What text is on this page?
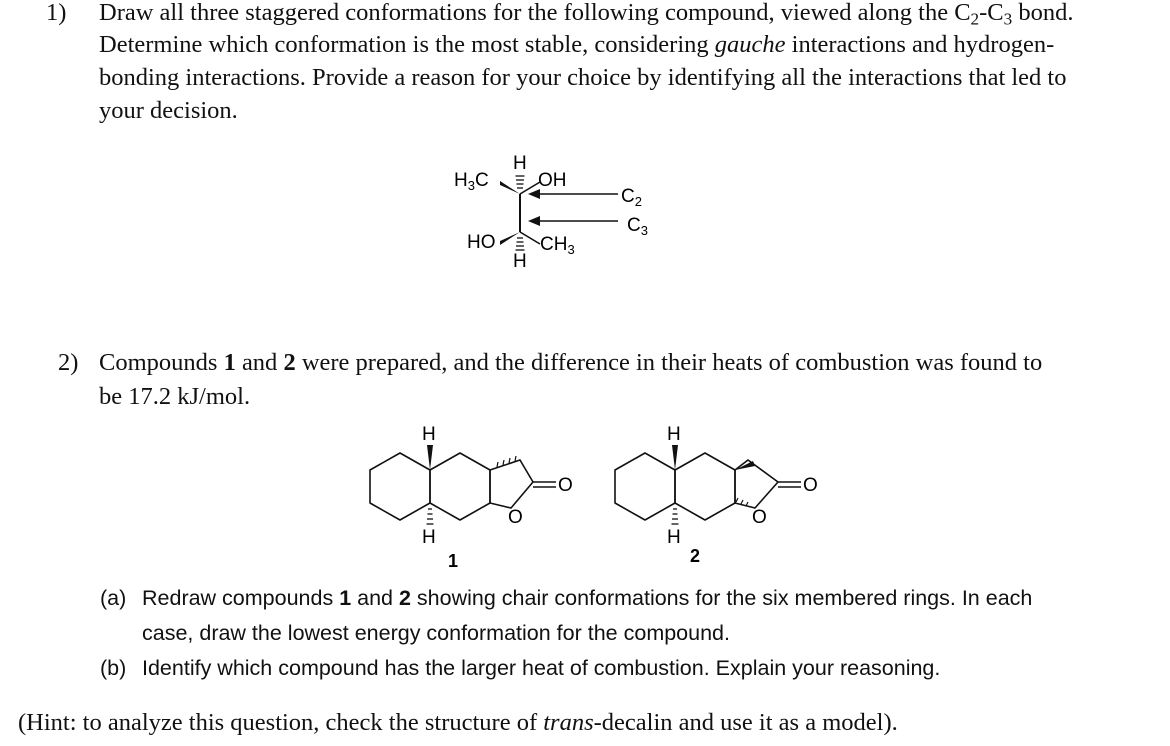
1) Draw all three staggered conformations for the following compound, viewed along the $C_2-C_3$ bond.
Determine which conformation is the most stable, considering gauche interactions and hydrogen-
bonding interactions. Provide a reason for your choice by identifying all the interactions that led to
your decision.
$H_3C$
H
OH
$C_2$
$C_3$
HO $CH_3$
H
2) Compounds 1 and 2 were prepared, and the difference in their heats of combustion was found to
be 17.2 kJ/mol.
H
H
O
O
1
H
H
O
O
2
(a) Redraw compounds 1 and 2 showing chair conformations for the six membered rings. In each
case, draw the lowest energy conformation for the compound.
(b) Identify which compound has the larger heat of combustion. Explain your reasoning.
(Hint: to analyze this question, check the structure of trans-decalin and use it as a model).
